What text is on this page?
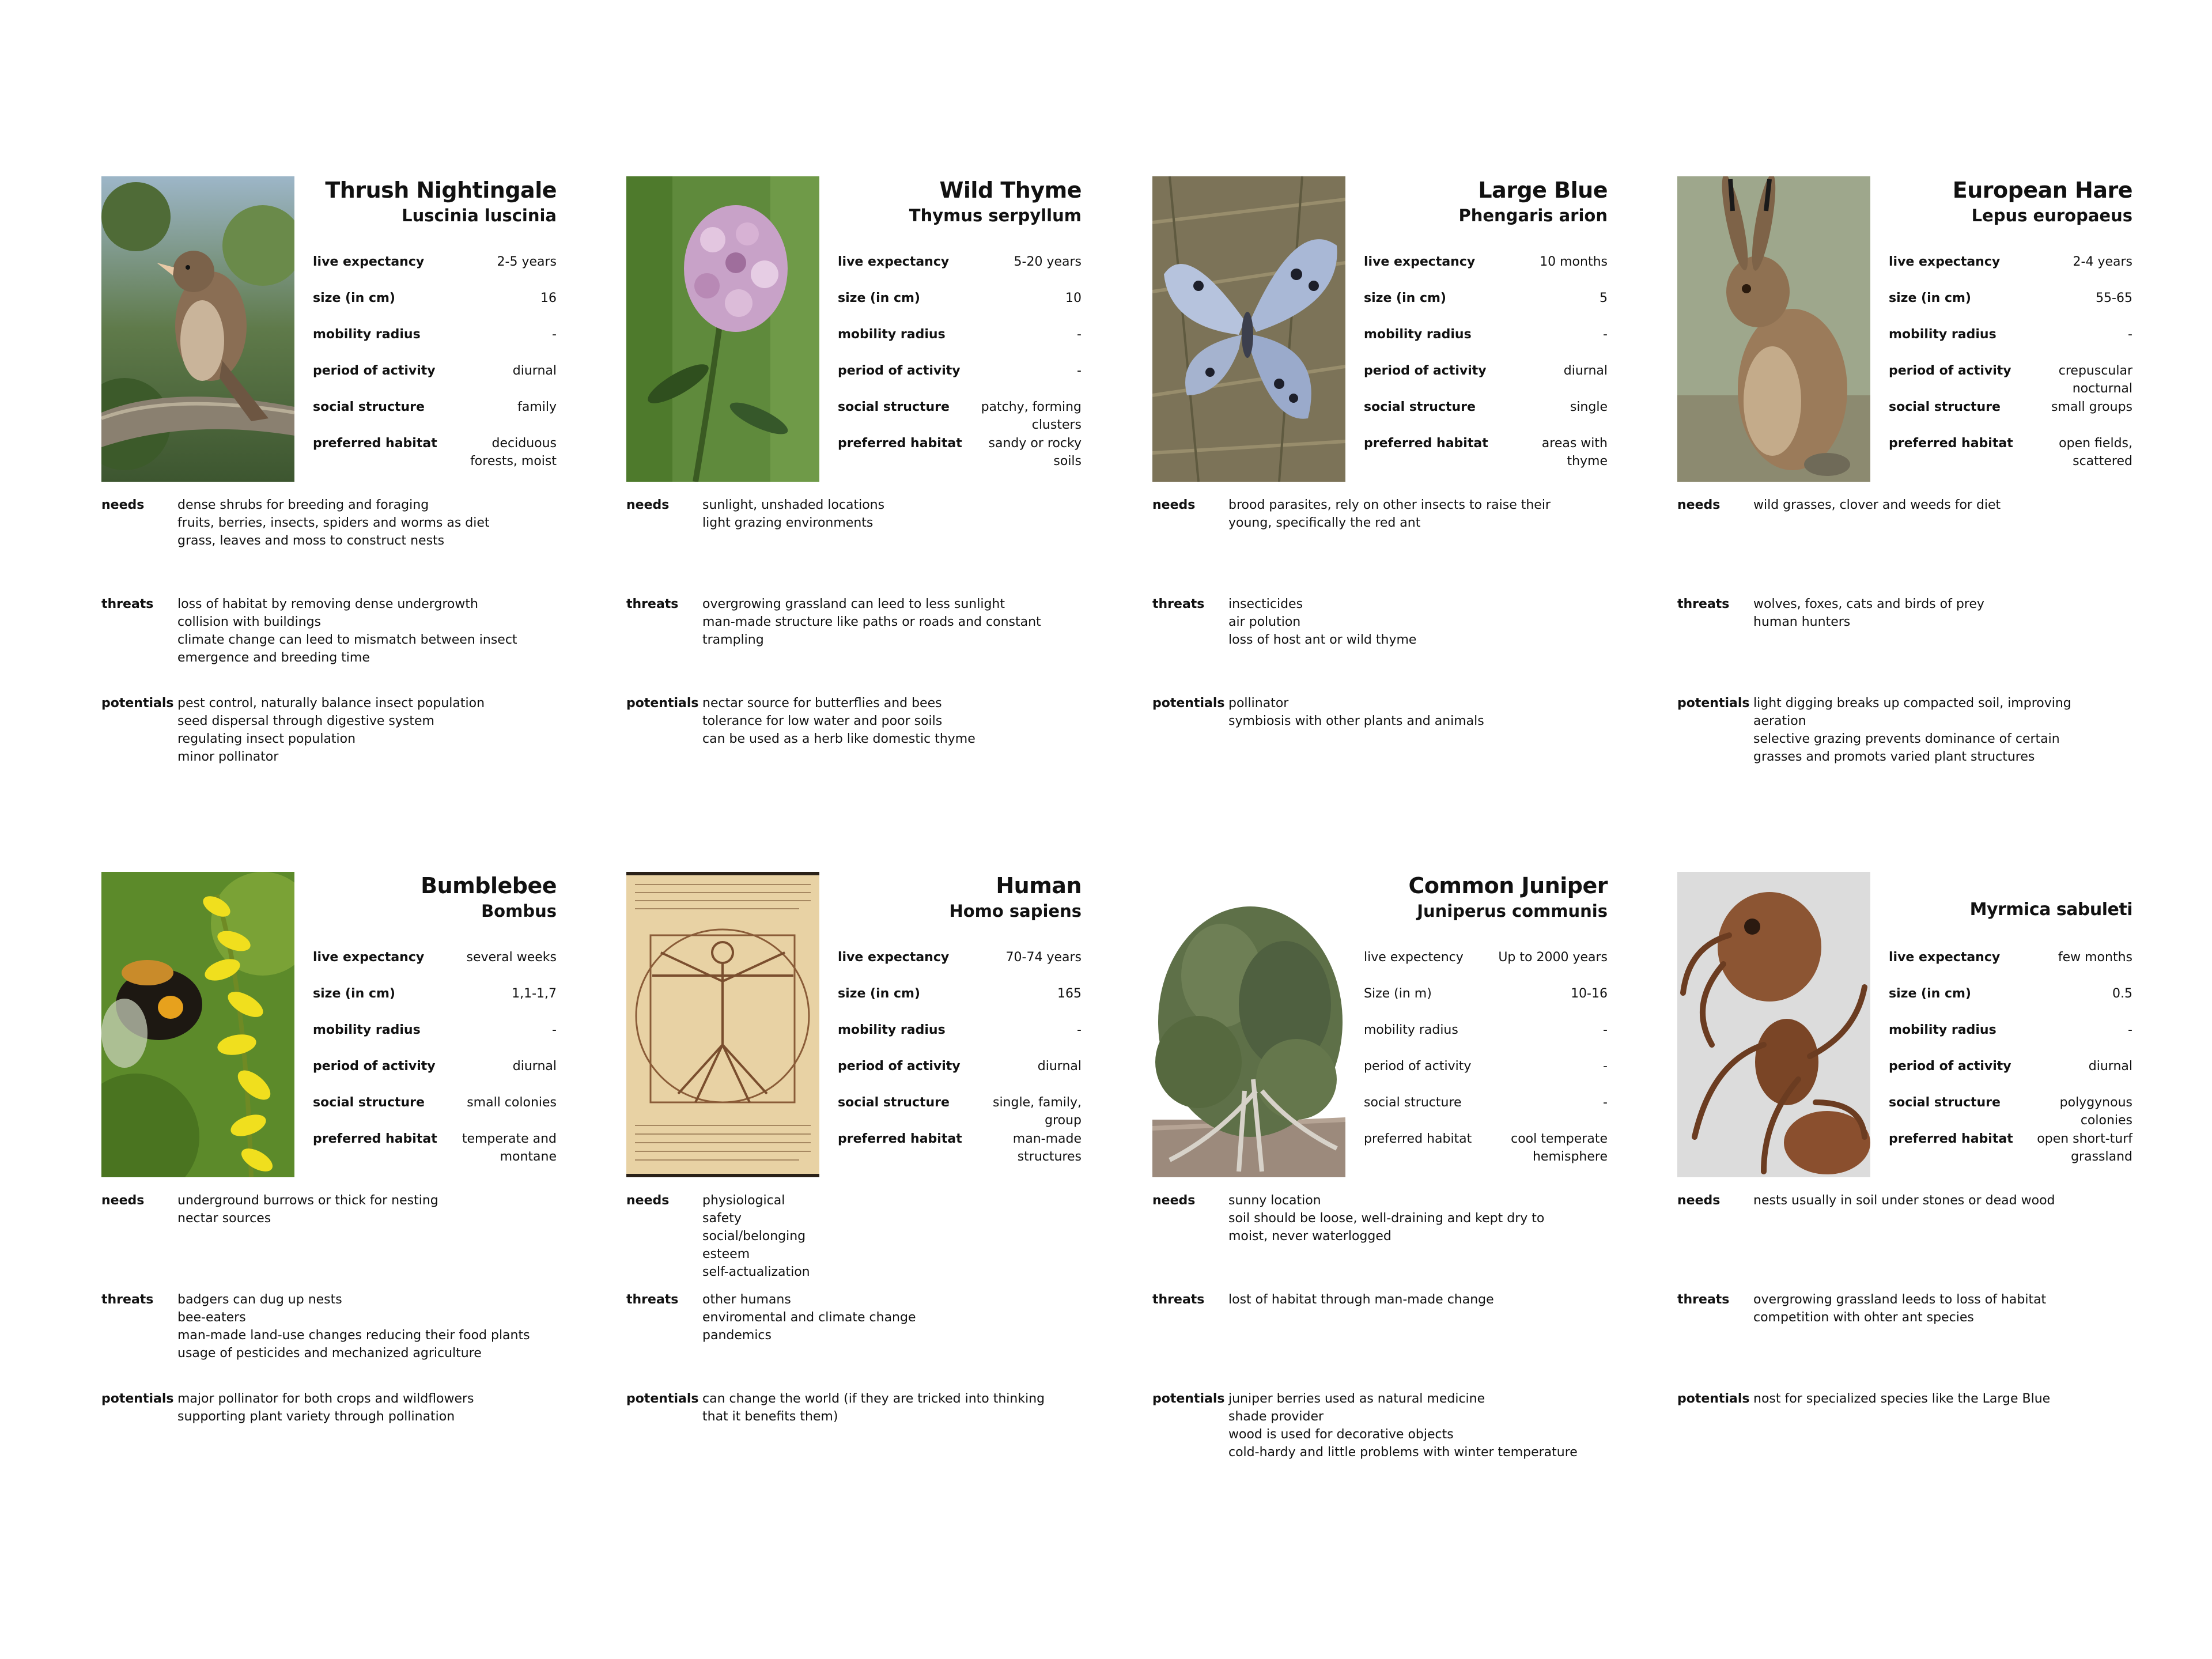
Thrush Nightingale
Luscinia luscinia
live expectancy	2-5 years
size (in cm)	16
mobility radius	-
period of activity	diurnal
social structure	family
preferred habitat	deciduous
forests, moist
needs	dense shrubs for breeding and foraging
fruits, berries, insects, spiders and worms as diet
grass, leaves and moss to construct nests
threats loss of habitat by removing dense undergrowth
collision with buildings
climate change can leed to mismatch between insect
emergence and breeding time
potentials pest control, naturally balance insect population
seed dispersal through digestive system
regulating insect population
minor pollinator
Wild Thyme
Thymus serpyllum
live expectancy	5-20 years
size (in cm)	10
mobility radius	-
period of activity	-
social structure	patchy, forming
clusters
preferred habitat	sandy or rocky
soils
needs	sunlight, unshaded locations
light grazing environments
threats overgrowing grassland can leed to less sunlight
man-made structure like paths or roads and constant
trampling
potentials nectar source for butterflies and bees
tolerance for low water and poor soils
can be used as a herb like domestic thyme
Large Blue
Phengaris arion
live expectancy	10 months
size (in cm)	5
mobility radius	-
period of activity	diurnal
social structure	single
preferred habitat	areas with
thyme
needs	brood parasites, rely on other insects to raise their
young, specifically the red ant
threats insecticides
air polution
loss of host ant or wild thyme
potentials pollinator
symbiosis with other plants and animals
European Hare
Lepus europaeus
live expectancy	2-4 years
size (in cm)	55-65
mobility radius	-
period of activity	crepuscular
nocturnal
social structure	small groups
preferred habitat	open fields,
scattered
needs	wild grasses, clover and weeds for diet
threats wolves, foxes, cats and birds of prey
human hunters
potentials light digging breaks up compacted soil, improving
aeration
selective grazing prevents dominance of certain
grasses and promots varied plant structures
Bumblebee
Bombus
live expectancy	several weeks
size (in cm)	1,1-1,7
mobility radius	-
period of activity	diurnal
social structure	small colonies
preferred habitat	temperate and
montane
needs	underground burrows or thick for nesting
nectar sources
threats badgers can dug up nests
bee-eaters
man-made land-use changes reducing their food plants
usage of pesticides and mechanized agriculture
potentials major pollinator for both crops and wildflowers
supporting plant variety through pollination
Human
Homo sapiens
live expectancy	70-74 years
size (in cm)	165
mobility radius	-
period of activity	diurnal
social structure	single, family,
group
preferred habitat	man-made
structures
needs	physiological
safety
social/belonging
esteem
self-actualization
threats other humans
enviromental and climate change
pandemics
potentials can change the world (if they are tricked into thinking
that it benefits them)
Common Juniper
Juniperus communis
live expectency	Up to 2000 years
Size (in m)	10-16
mobility radius	-
period of activity	-
social structure	-
preferred habitat	cool temperate
hemisphere
needs	sunny location
soil should be loose, well-draining and kept dry to
moist, never waterlogged
threats lost of habitat through man-made change
potentials juniper berries used as natural medicine
shade provider
wood is used for decorative objects
cold-hardy and little problems with winter temperature
Myrmica sabuleti
live expectancy	few months
size (in cm)	0.5
mobility radius	-
period of activity	diurnal
social structure	polygynous
colonies
preferred habitat	open short-turf
grassland
needs	nests usually in soil under stones or dead wood
threats overgrowing grassland leeds to loss of habitat
competition with ohter ant species
potentials nost for specialized species like the Large Blue
